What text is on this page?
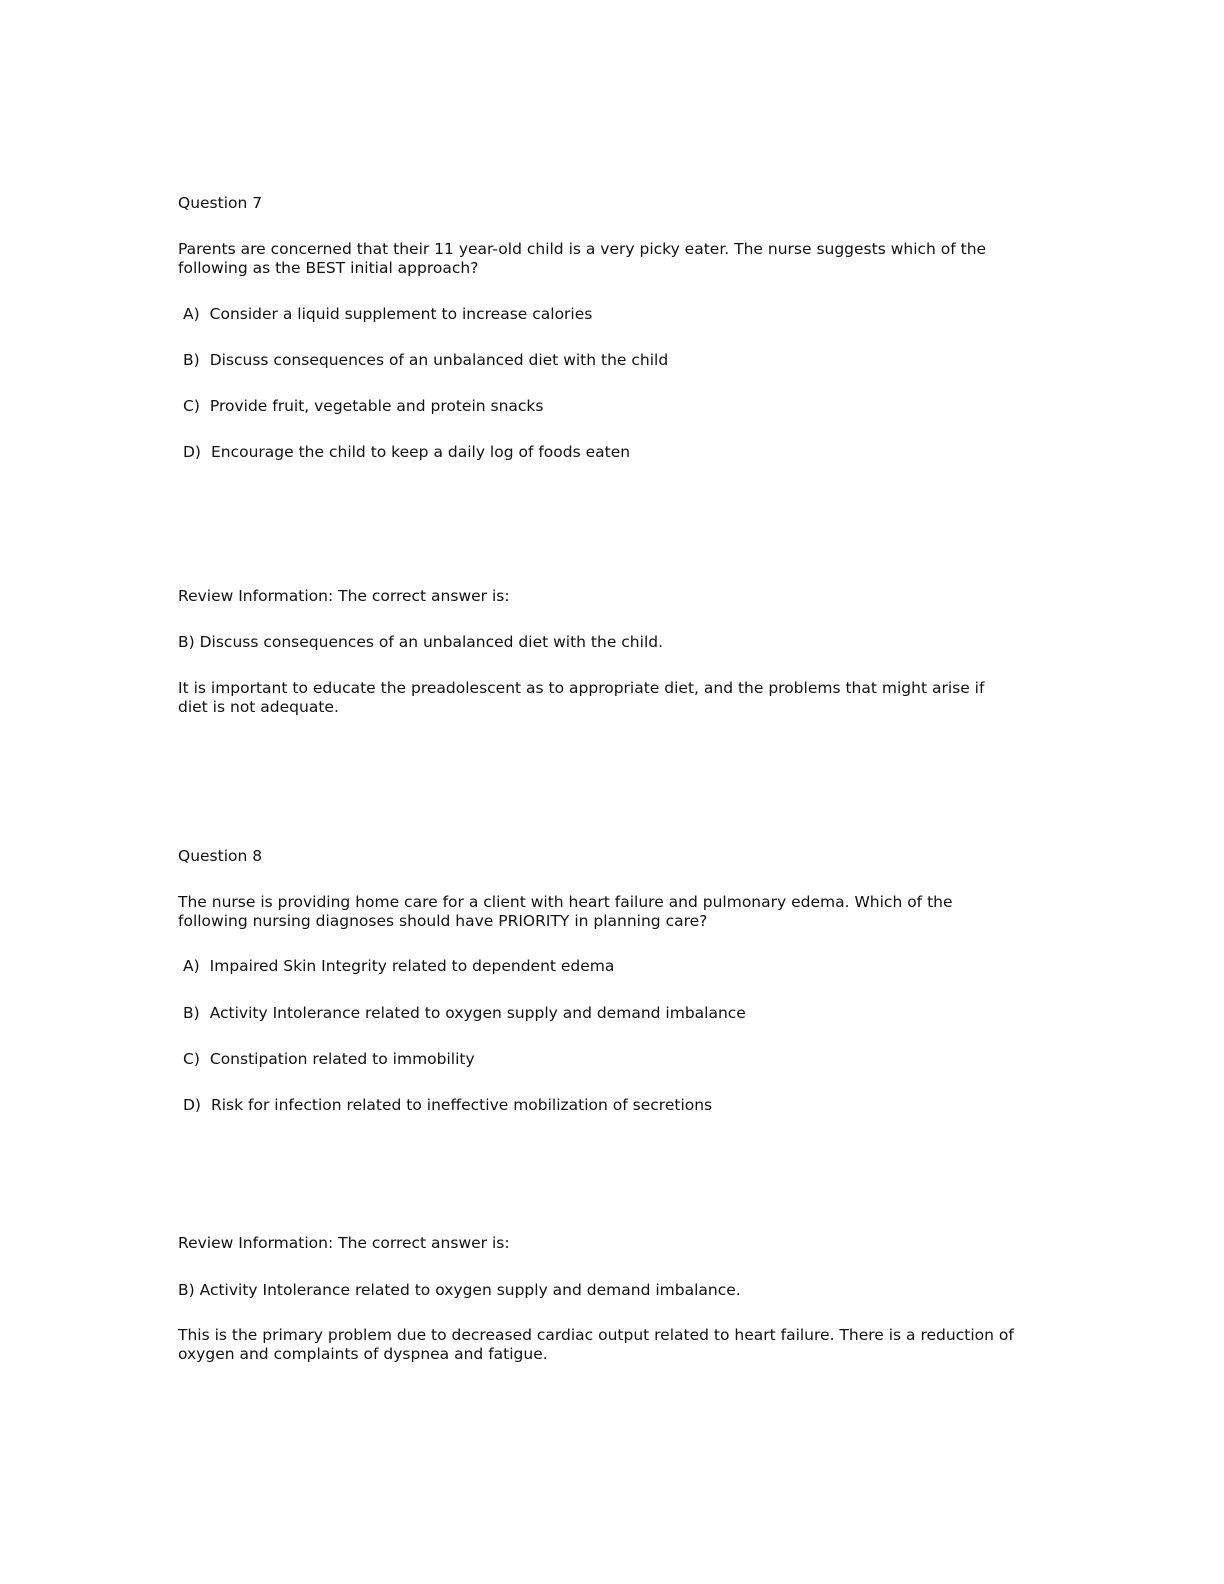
Question 7
Parents are concerned that their 11 year-old child is a very picky eater. The nurse suggests which of the following as the BEST initial approach?
A) Consider a liquid supplement to increase calories
B) Discuss consequences of an unbalanced diet with the child
C) Provide fruit, vegetable and protein snacks
D) Encourage the child to keep a daily log of foods eaten
Review Information: The correct answer is:
B) Discuss consequences of an unbalanced diet with the child.
It is important to educate the preadolescent as to appropriate diet, and the problems that might arise if diet is not adequate.
Question 8
The nurse is providing home care for a client with heart failure and pulmonary edema. Which of the following nursing diagnoses should have PRIORITY in planning care?
A) Impaired Skin Integrity related to dependent edema
B) Activity Intolerance related to oxygen supply and demand imbalance
C) Constipation related to immobility
D) Risk for infection related to ineffective mobilization of secretions
Review Information: The correct answer is:
B) Activity Intolerance related to oxygen supply and demand imbalance.
This is the primary problem due to decreased cardiac output related to heart failure. There is a reduction of oxygen and complaints of dyspnea and fatigue.
